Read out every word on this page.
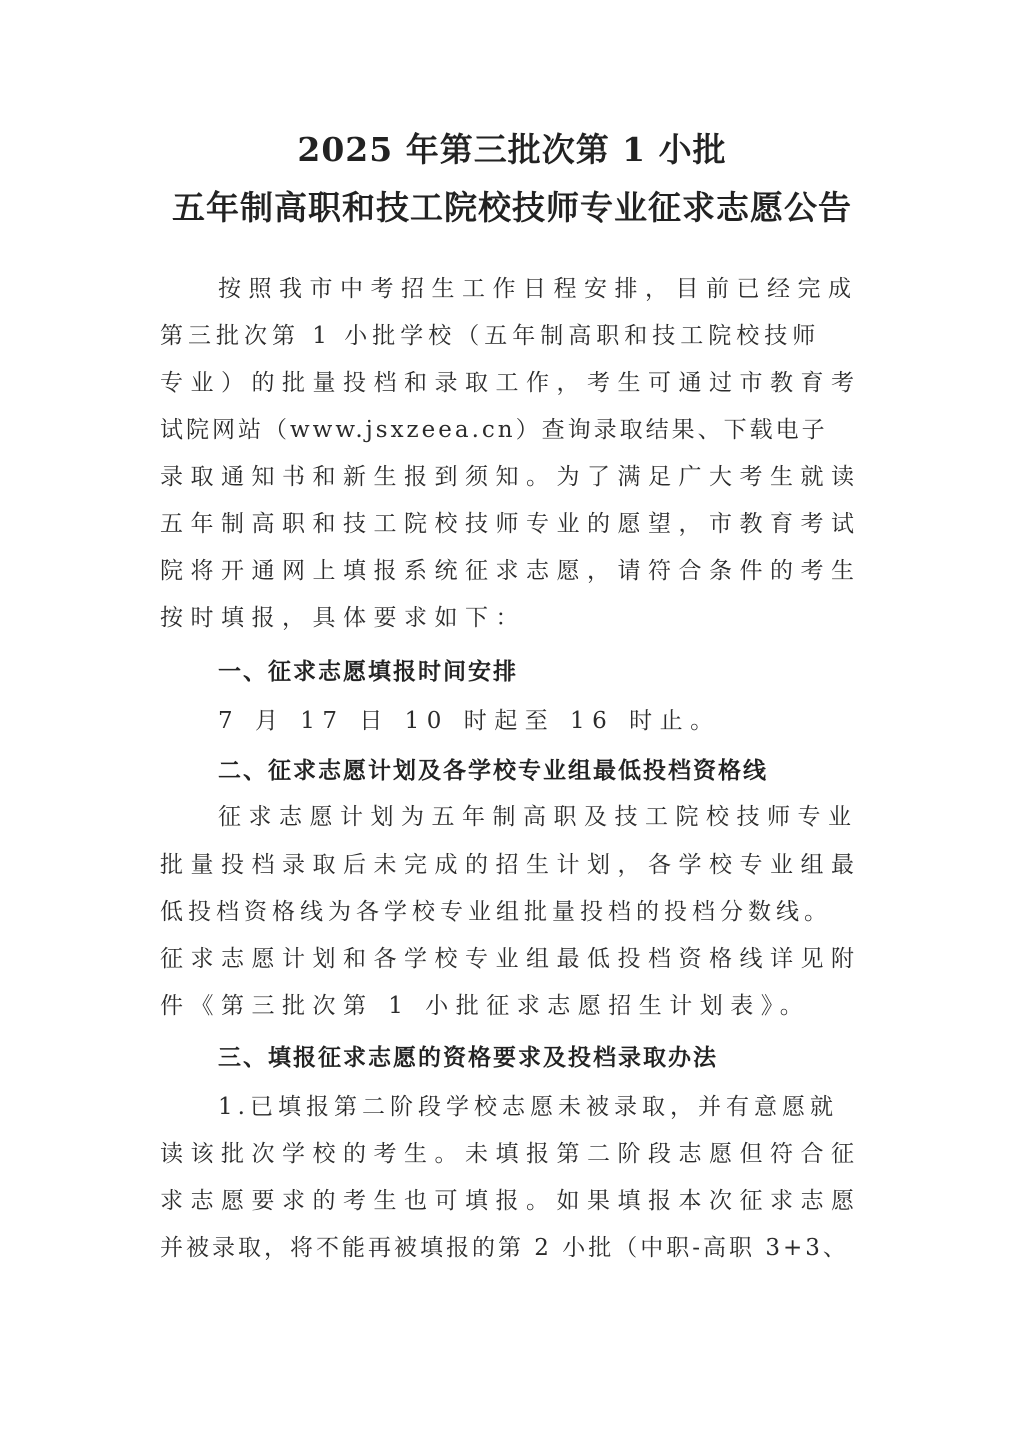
2025 年第三批次第 1 小批
五年制高职和技工院校技师专业征求志愿公告
按照我市中考招生工作日程安排，目前已经完成
第三批次第 1 小批学校（五年制高职和技工院校技师
专业）的批量投档和录取工作，考生可通过市教育考
试院网站（www.jsxzeea.cn）查询录取结果、下载电子
录取通知书和新生报到须知。为了满足广大考生就读
五年制高职和技工院校技师专业的愿望，市教育考试
院将开通网上填报系统征求志愿，请符合条件的考生
按时填报，具体要求如下：
一、征求志愿填报时间安排
7 月 17 日 10 时起至 16 时止。
二、征求志愿计划及各学校专业组最低投档资格线
征求志愿计划为五年制高职及技工院校技师专业
批量投档录取后未完成的招生计划，各学校专业组最
低投档资格线为各学校专业组批量投档的投档分数线。
征求志愿计划和各学校专业组最低投档资格线详见附
件《第三批次第 1 小批征求志愿招生计划表》。
三、填报征求志愿的资格要求及投档录取办法
1.已填报第二阶段学校志愿未被录取，并有意愿就
读该批次学校的考生。未填报第二阶段志愿但符合征
求志愿要求的考生也可填报。如果填报本次征求志愿
并被录取，将不能再被填报的第 2 小批（中职-高职 3+3、
